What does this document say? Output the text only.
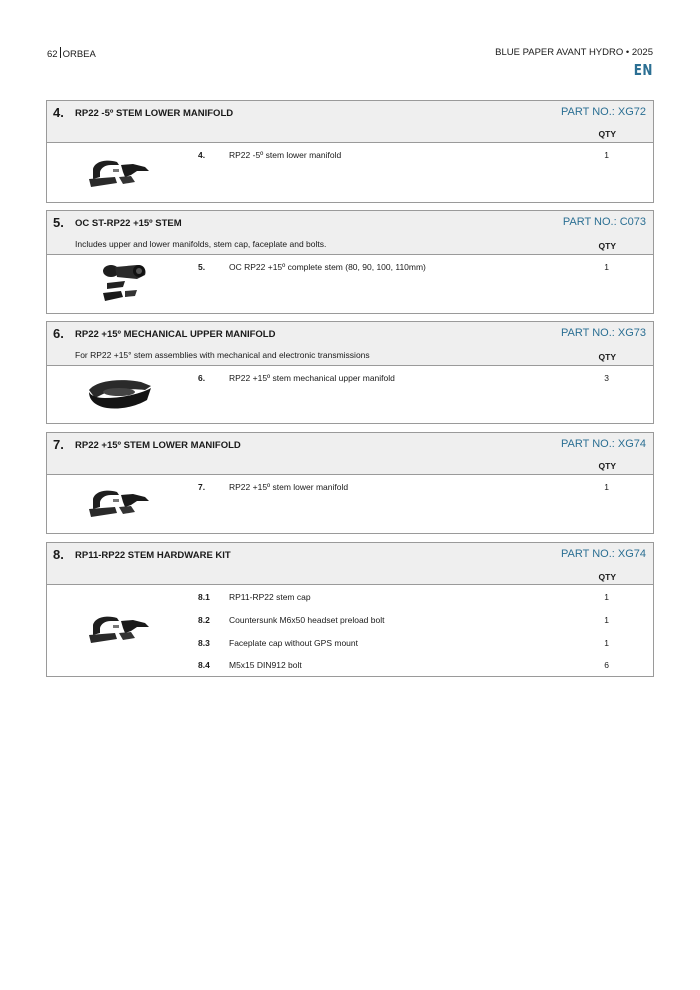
62 ORBEA	BLUE PAPER AVANT HYDRO • 2025
EN
4. RP22 -5º STEM LOWER MANIFOLD	PART NO.: XG72
QTY
4.	RP22 -5º stem lower manifold	1
5. OC ST-RP22 +15º STEM
Includes upper and lower manifolds, stem cap, faceplate and bolts.
PART NO.: C073
QTY
5.	OC RP22 +15º complete stem (80, 90, 100, 110mm)	1
6. RP22 +15º MECHANICAL UPPER MANIFOLD
For RP22 +15° stem assemblies with mechanical and electronic transmissions
PART NO.: XG73
QTY
6.	RP22 +15º stem mechanical upper manifold	3
7. RP22 +15º STEM LOWER MANIFOLD	PART NO.: XG74
QTY
7.	RP22 +15º stem lower manifold	1
8. RP11-RP22 STEM HARDWARE KIT	PART NO.: XG74
QTY
8.1 RP11-RP22 stem cap	1
8.2 Countersunk M6x50 headset preload bolt	1
8.3 Faceplate cap without GPS mount	1
8.4 M5x15 DIN912 bolt	6
